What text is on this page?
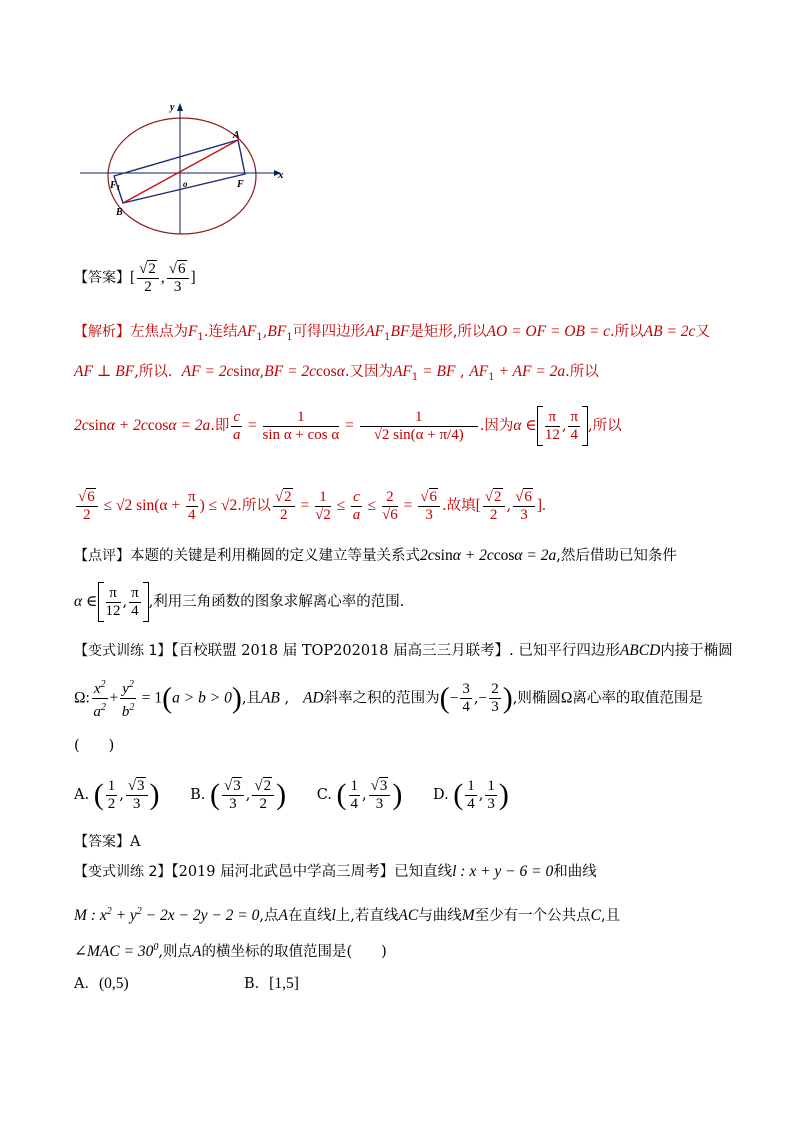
y
x
A
F
B
o
$F_1$
【答案】[ $\frac{√2}{2}$ , $\frac{√6}{3}$ ]
【解析】左焦点为$F_1$.连结$AF_1,BF_1$可得四边形$AF_1BF$是矩形,所以AO = OF = OB = c.所以AB = 2c又
AF ⊥ BF,所以. AF = 2csinα,BF = 2ccosα.又因为$AF_1$ = BF , $AF_1$ + AF = 2a.所以
2csinα + 2ccosα = 2a.即 $\frac{c}{a} = \frac{1}{\text{sin α + cos α}} = \frac{1}{√2 \sin(\alpha + \pi/4)}$ .因为α ∈ $\frac{\pi}{12}$ , $\frac{\pi}{4}$ ,所以
$\frac{√6}{2} \le √2$ $\sin(\alpha + \frac{\pi}{4}$ ) ≤ √2.所以 $\frac{√2}{2} = \frac{1}{√2} \le \frac{c}{a} \le \frac{2}{√6} = \frac{√6}{3}$ .故填[ $\frac{√2}{2}$ , $\frac{√6}{3}$ ].
【点评】本题的关键是利用椭圆的定义建立等量关系式2csinα + 2ccosα = 2a,然后借助已知条件
α ∈ $\frac{\pi}{12}$ , $\frac{\pi}{4}$ ,利用三角函数的图象求解离心率的范围.
【变式训练 1】【百校联盟 2018 届 TOP202018 届高三三月联考】. 已知平行四边形ABCD内接于椭圆
Ω: $\frac{x^2}{a^2} + \frac{y^2}{b^2} = 1(a > b > 0)$,且AB ,   AD斜率之积的范围为(− $\frac{3}{4}$ ,− $\frac{2}{3}$ ),则椭圆Ω离心率的取值范围是
(　　)
A. ( $\frac{1}{2}$ , $\frac{√3}{3}$ ) B. ( $\frac{√3}{3}$ , $\frac{√2}{2}$ ) C. ( $\frac{1}{4}$ , $\frac{√3}{3}$ ) D. ( $\frac{1}{4}$ , $\frac{1}{3}$ )
【答案】A
【变式训练 2】【2019 届河北武邑中学高三周考】已知直线l : x + y − 6 = 0和曲线
M : $x^2 + y^2 - 2x - 2y - 2 = 0$,点A在直线l上,若直线AC与曲线M至少有一个公共点C,且
∠MAC = $30^0$,则点A的横坐标的取值范围是(　　)
A．(0,5)	B．[1,5]
